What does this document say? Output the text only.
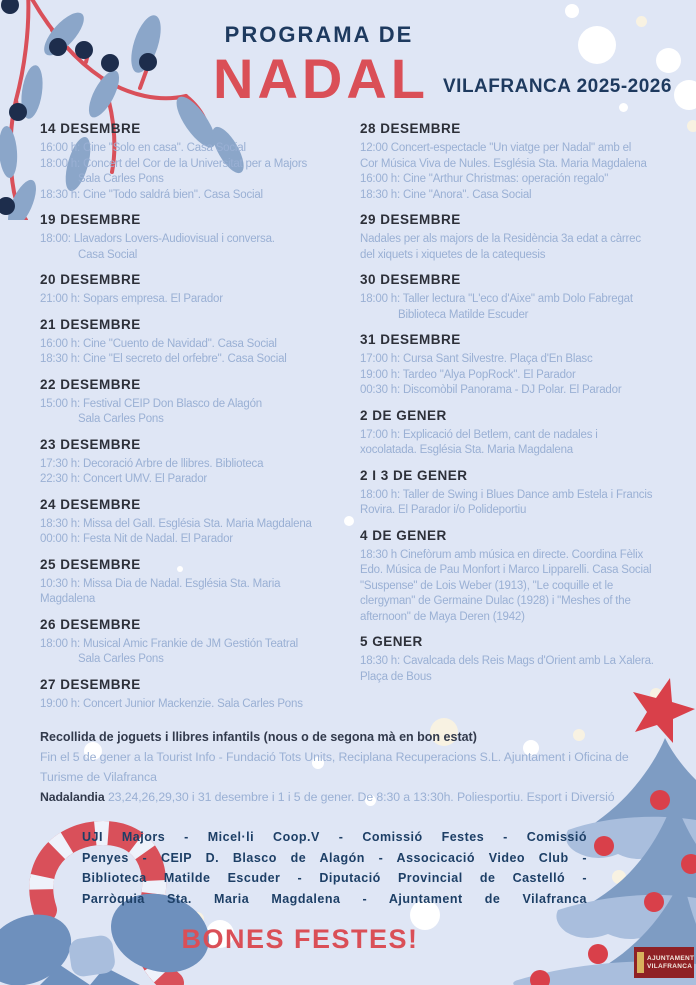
PROGRAMA DE
NADAL VILAFRANCA 2025-2026
14 DESEMBRE
16:00 h: Cine "Solo en casa". Casa Social
18:00 h: Concert del Cor de la Universitat per a Majors
Sala Carles Pons
18:30 h: Cine "Todo saldrá bien". Casa Social
19 DESEMBRE
18:00: Llavadors Lovers-Audiovisual i conversa.
Casa Social
20 DESEMBRE
21:00 h: Sopars empresa. El Parador
21 DESEMBRE
16:00 h: Cine "Cuento de Navidad". Casa Social
18:30 h: Cine "El secreto del orfebre". Casa Social
22 DESEMBRE
15:00 h: Festival CEIP Don Blasco de Alagón
Sala Carles Pons
23 DESEMBRE
17:30 h: Decoració Arbre de llibres. Biblioteca
22:30 h: Concert UMV. El Parador
24 DESEMBRE
18:30 h: Missa del Gall. Església Sta. Maria Magdalena
00:00 h: Festa Nit de Nadal. El Parador
25 DESEMBRE
10:30 h: Missa Dia de Nadal. Església Sta. Maria
Magdalena
26 DESEMBRE
18:00 h: Musical Amic Frankie de JM Gestión Teatral
Sala Carles Pons
27 DESEMBRE
19:00 h: Concert Junior Mackenzie. Sala Carles Pons
28 DESEMBRE
12:00 Concert-espectacle "Un viatge per Nadal" amb el
Cor Música Viva de Nules. Església Sta. Maria Magdalena
16:00 h: Cine "Arthur Christmas: operación regalo"
18:30 h: Cine "Anora". Casa Social
29 DESEMBRE
Nadales per als majors de la Residència 3a edat a càrrec
del xiquets i xiquetes de la catequesis
30 DESEMBRE
18:00 h: Taller lectura "L'eco d'Aixe" amb Dolo Fabregat
Biblioteca Matilde Escuder
31 DESEMBRE
17:00 h: Cursa Sant Silvestre. Plaça d'En Blasc
19:00 h: Tardeo "Alya PopRock". El Parador
00:30 h: Discomòbil Panorama - DJ Polar. El Parador
2 DE GENER
17:00 h: Explicació del Betlem, cant de nadales i
xocolatada. Església Sta. Maria Magdalena
2 I 3 DE GENER
18:00 h: Taller de Swing i Blues Dance amb Estela i Francis
Rovira. El Parador i/o Polideportiu
4 DE GENER
18:30 h Cinefòrum amb música en directe. Coordina Fèlix
Edo. Música de Pau Monfort i Marco Lipparelli. Casa Social
"Suspense" de Lois Weber (1913), "Le coquille et le
clergyman" de Germaine Dulac (1928) i "Meshes of the
afternoon" de Maya Deren (1942)
5 GENER
18:30 h: Cavalcada dels Reis Mags d'Orient amb La Xalera.
Plaça de Bous
Recollida de joguets i llibres infantils (nous o de segona mà en bon estat)
Fin el 5 de gener a la Tourist Info - Fundació Tots Units, Reciplana Recuperacions S.L. Ajuntament i Oficina de
Turisme de Vilafranca
Nadalandia 23,24,26,29,30 i 31 desembre i 1 i 5 de gener. De 8:30 a 13:30h. Poliesportiu. Esport i Diversió
UJI Majors - Micel·li Coop.V - Comissió Festes - Comissió
Penyes - CEIP D. Blasco de Alagón - Associcació Video Club -
Biblioteca Matilde Escuder - Diputació Provincial de Castelló -
Parròquia Sta. Maria Magdalena - Ajuntament de Vilafranca
BONES FESTES!
AJUNTAMENT
VILAFRANCA
